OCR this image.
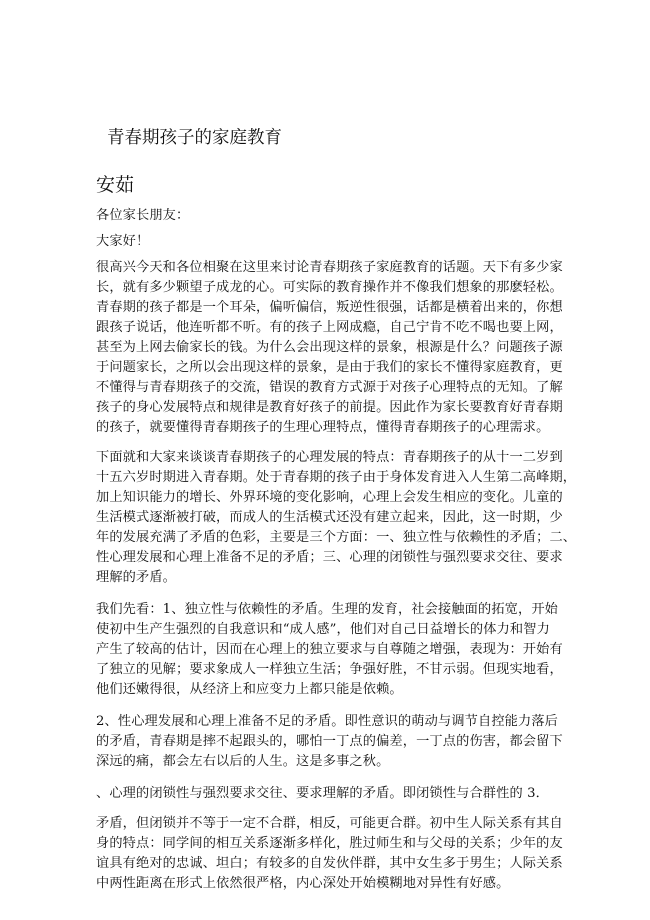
青春期孩子的家庭教育
安茹

各位家长朋友：

大家好！

很高兴今天和各位相聚在这里来讨论青春期孩子家庭教育的话题。天下有多少家

长，就有多少颗望子成龙的心。可实际的教育操作并不像我们想象的那麽轻松。

青春期的孩子都是一个耳朵，偏听偏信，叛逆性很强，话都是横着出来的，你想

跟孩子说话，他连听都不听。有的孩子上网成瘾，自己宁肯不吃不喝也要上网，

甚至为上网去偷家长的钱。为什么会出现这样的景象，根源是什么？问题孩子源

于问题家长，之所以会出现这样的景象，是由于我们的家长不懂得家庭教育，更

不懂得与青春期孩子的交流，错误的教育方式源于对孩子心理特点的无知。了解

孩子的身心发展特点和规律是教育好孩子的前提。因此作为家长要教育好青春期

的孩子，就要懂得青春期孩子的生理心理特点，懂得青春期孩子的心理需求。

下面就和大家来谈谈青春期孩子的心理发展的特点：青春期孩子的从十一二岁到

十五六岁时期进入青春期。处于青春期的孩子由于身体发育进入人生第二高峰期，

加上知识能力的增长、外界环境的变化影响，心理上会发生相应的变化。儿童的

生活模式逐渐被打破，而成人的生活模式还没有建立起来，因此，这一时期，少

年的发展充满了矛盾的色彩，主要是三个方面：一、独立性与依赖性的矛盾；二、

性心理发展和心理上准备不足的矛盾；三、心理的闭锁性与强烈要求交往、要求

理解的矛盾。

我们先看：1、独立性与依赖性的矛盾。生理的发育，社会接触面的拓宽，开始

使初中生产生强烈的自我意识和“成人感”，他们对自己日益增长的体力和智力

产生了较高的估计，因而在心理上的独立要求与自尊随之增强，表现为：开始有

了独立的见解；要求象成人一样独立生活；争强好胜，不甘示弱。但现实地看，

他们还嫩得很，从经济上和应变力上都只能是依赖。

2、性心理发展和心理上准备不足的矛盾。即性意识的萌动与调节自控能力落后

的矛盾，青春期是摔不起跟头的，哪怕一丁点的偏差，一丁点的伤害，都会留下

深远的痛，都会左右以后的人生。这是多事之秋。

、心理的闭锁性与强烈要求交往、要求理解的矛盾。即闭锁性与合群性的 3．

矛盾，但闭锁并不等于一定不合群，相反，可能更合群。初中生人际关系有其自

身的特点：同学间的相互关系逐渐多样化，胜过师生和与父母的关系；少年的友

谊具有绝对的忠诚、坦白；有较多的自发伙伴群，其中女生多于男生；人际关系

中两性距离在形式上依然很严格，内心深处开始模糊地对异性有好感。
